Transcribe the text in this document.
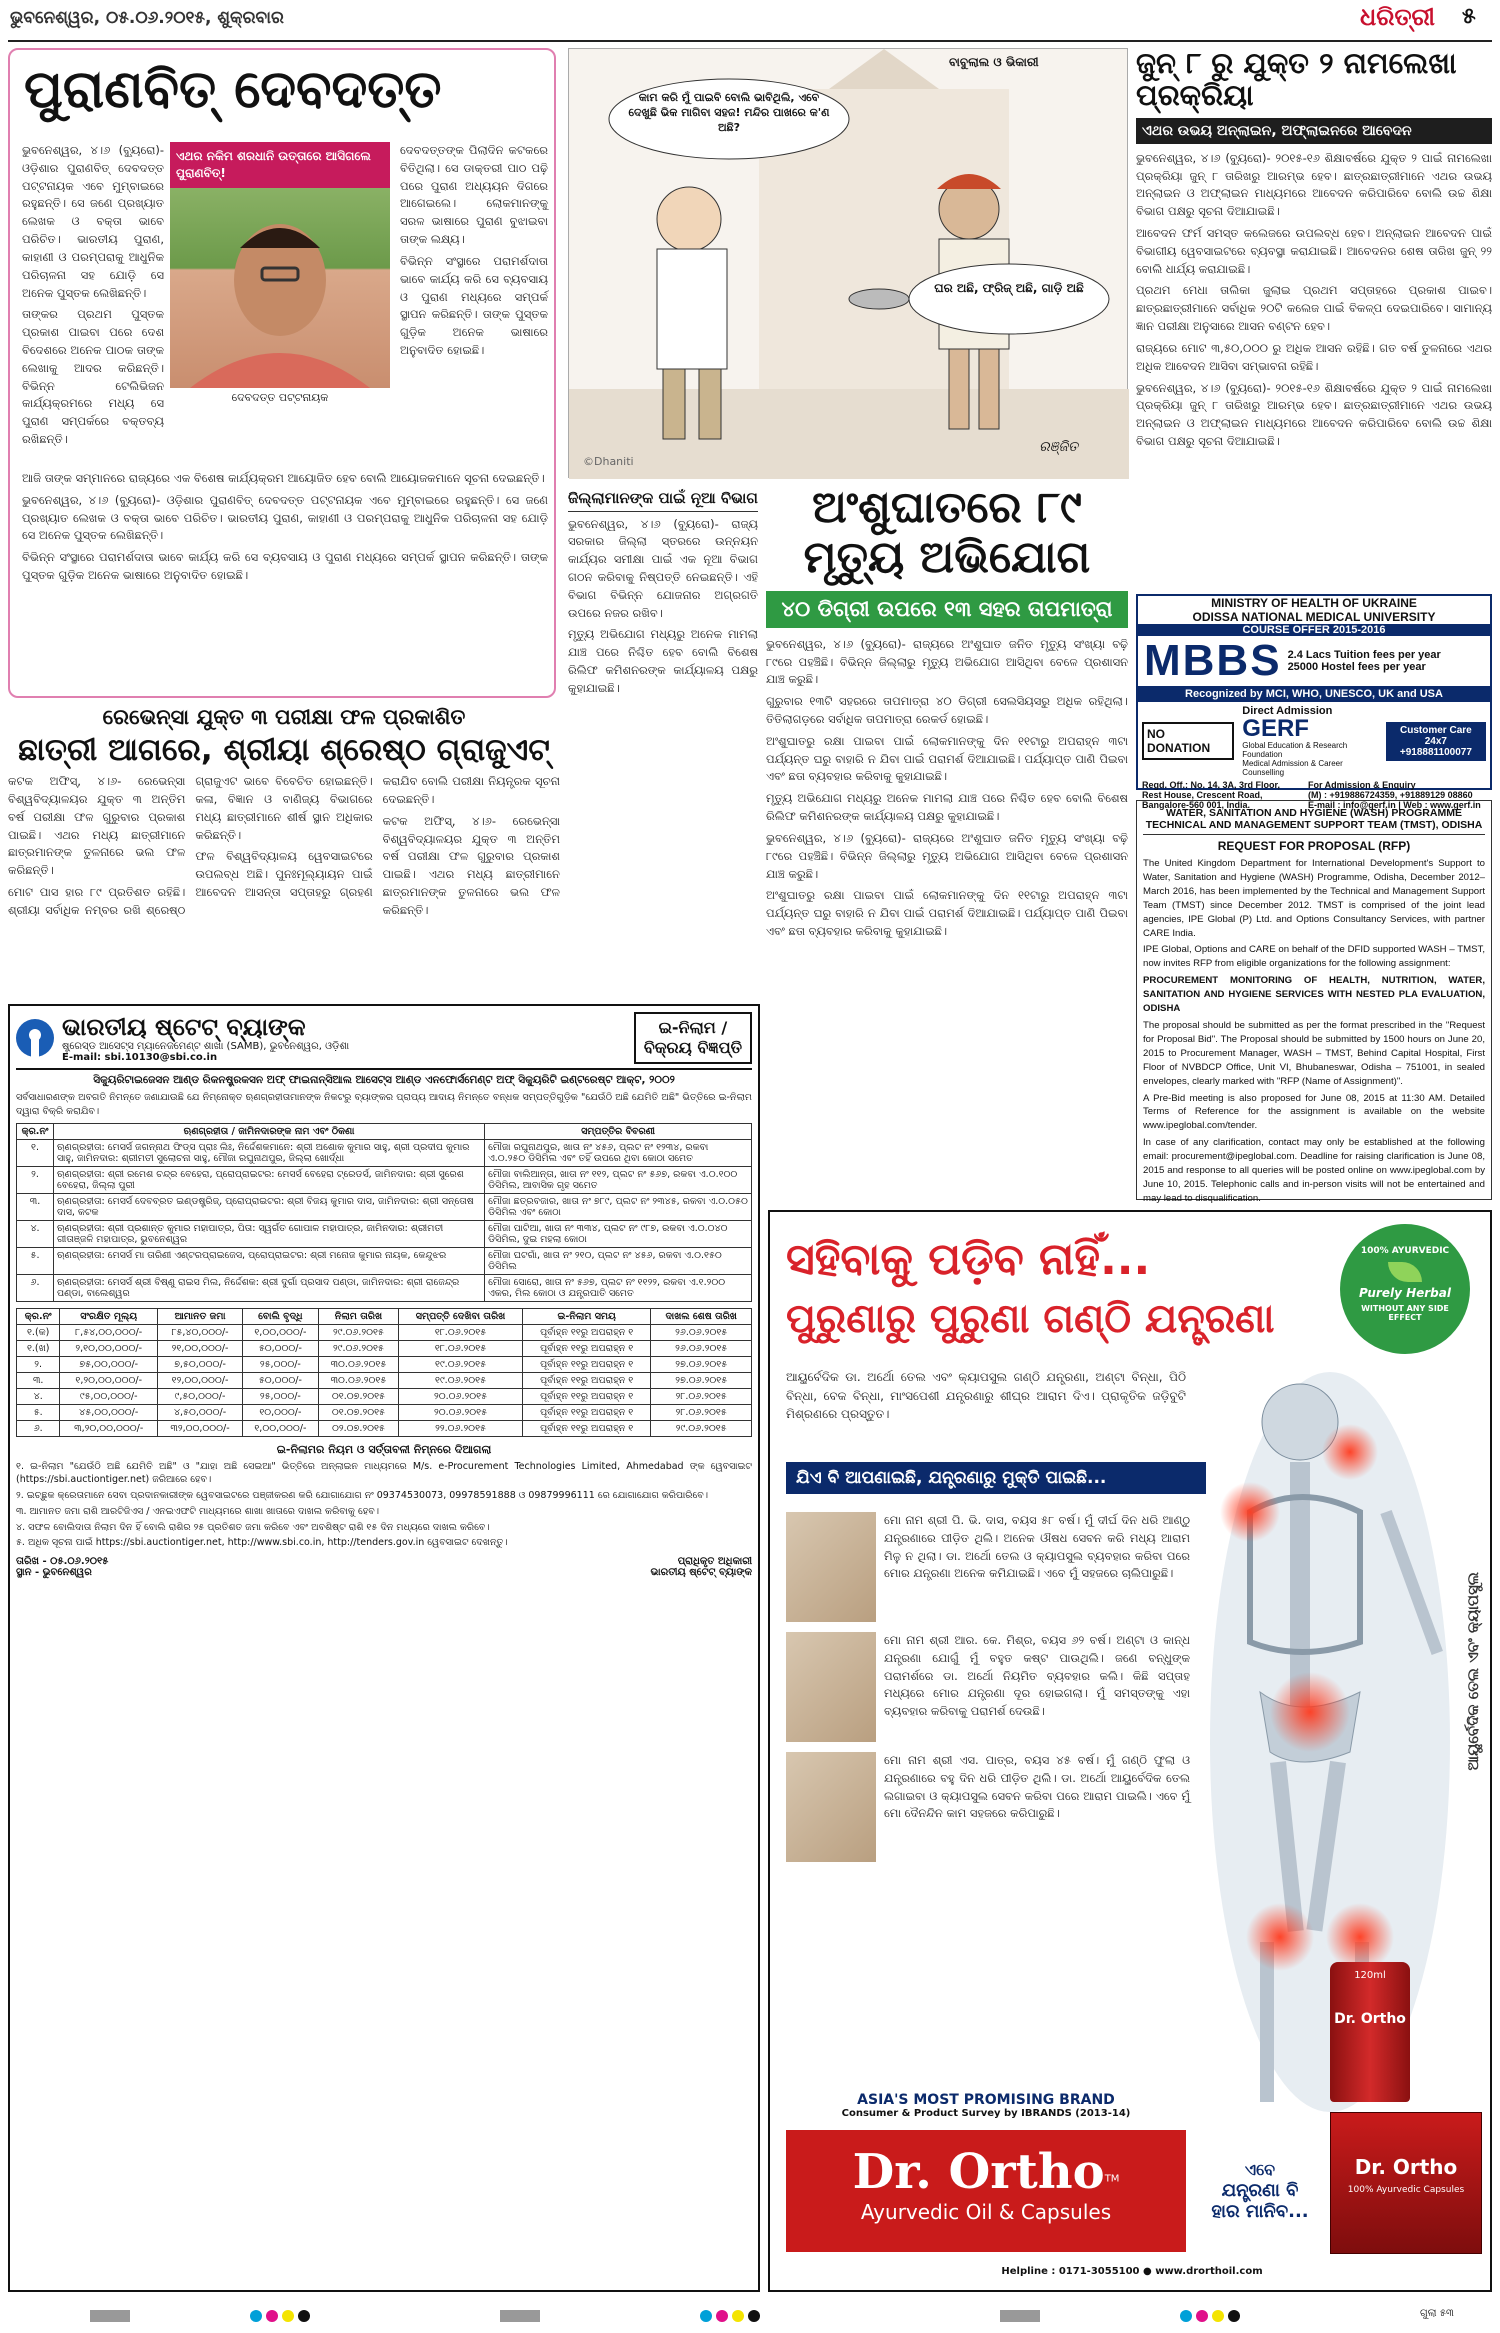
ଭୁବନେଶ୍ୱର, ୦୫.୦୬.୨୦୧୫, ଶୁକ୍ରବାର	ଧରିତ୍ରୀ ୫
ପୁରାଣବିତ୍ ଦେବଦତ୍ତ
ଏଥର ନକିମ ଶରଧାନି ଉତ୍ତାରେ ଆସିଗଲେ ପୁରାଣବିତ୍!
ଦେବଦତ୍ତ ପଟ୍ଟନାୟକ

ଭୁବନେଶ୍ୱର, ୪।୬ (ବ୍ୟୁରୋ)- ଓଡ଼ିଶାର ପୁରାଣବିତ୍ ଦେବଦତ୍ତ ପଟ୍ଟନାୟକ ଏବେ ମୁମ୍ବାଇରେ ରହୁଛନ୍ତି। ସେ ଜଣେ ପ୍ରଖ୍ୟାତ ଲେଖକ ଓ ବକ୍ତା ଭାବେ ପରିଚିତ। ଭାରତୀୟ ପୁରାଣ, କାହାଣୀ ଓ ପରମ୍ପରାକୁ ଆଧୁନିକ ପରିଚାଳନା ସହ ଯୋଡ଼ି ସେ ଅନେକ ପୁସ୍ତକ ଲେଖିଛନ୍ତି।

ତାଙ୍କର ପ୍ରଥମ ପୁସ୍ତକ ପ୍ରକାଶ ପାଇବା ପରେ ଦେଶ ବିଦେଶରେ ଅନେକ ପାଠକ ତାଙ୍କ ଲେଖାକୁ ଆଦର କରିଛନ୍ତି। ବିଭିନ୍ନ ଟେଲିଭିଜନ କାର୍ଯ୍ୟକ୍ରମରେ ମଧ୍ୟ ସେ ପୁରାଣ ସମ୍ପର୍କରେ ବକ୍ତବ୍ୟ ରଖିଛନ୍ତି।

ଦେବଦତ୍ତଙ୍କ ପିଲାଦିନ କଟକରେ ବିତିଥିଲା। ସେ ଡାକ୍ତରୀ ପାଠ ପଢ଼ି ପରେ ପୁରାଣ ଅଧ୍ୟୟନ ଦିଗରେ ଆଗେଇଲେ। ଲୋକମାନଙ୍କୁ ସରଳ ଭାଷାରେ ପୁରାଣ ବୁଝାଇବା ତାଙ୍କ ଲକ୍ଷ୍ୟ।

ବିଭିନ୍ନ ସଂସ୍ଥାରେ ପରାମର୍ଶଦାତା ଭାବେ କାର୍ଯ୍ୟ କରି ସେ ବ୍ୟବସାୟ ଓ ପୁରାଣ ମଧ୍ୟରେ ସମ୍ପର୍କ ସ୍ଥାପନ କରିଛନ୍ତି। ତାଙ୍କ ପୁସ୍ତକ ଗୁଡ଼ିକ ଅନେକ ଭାଷାରେ ଅନୁବାଦିତ ହୋଇଛି।

ଆଜି ତାଙ୍କ ସମ୍ମାନରେ ରାଜ୍ୟରେ ଏକ ବିଶେଷ କାର୍ଯ୍ୟକ୍ରମ ଆୟୋଜିତ ହେବ ବୋଲି ଆୟୋଜକମାନେ ସୂଚନା ଦେଇଛନ୍ତି।

ଭୁବନେଶ୍ୱର, ୪।୬ (ବ୍ୟୁରୋ)- ଓଡ଼ିଶାର ପୁରାଣବିତ୍ ଦେବଦତ୍ତ ପଟ୍ଟନାୟକ ଏବେ ମୁମ୍ବାଇରେ ରହୁଛନ୍ତି। ସେ ଜଣେ ପ୍ରଖ୍ୟାତ ଲେଖକ ଓ ବକ୍ତା ଭାବେ ପରିଚିତ। ଭାରତୀୟ ପୁରାଣ, କାହାଣୀ ଓ ପରମ୍ପରାକୁ ଆଧୁନିକ ପରିଚାଳନା ସହ ଯୋଡ଼ି ସେ ଅନେକ ପୁସ୍ତକ ଲେଖିଛନ୍ତି।

ବିଭିନ୍ନ ସଂସ୍ଥାରେ ପରାମର୍ଶଦାତା ଭାବେ କାର୍ଯ୍ୟ କରି ସେ ବ୍ୟବସାୟ ଓ ପୁରାଣ ମଧ୍ୟରେ ସମ୍ପର୍କ ସ୍ଥାପନ କରିଛନ୍ତି। ତାଙ୍କ ପୁସ୍ତକ ଗୁଡ଼ିକ ଅନେକ ଭାଷାରେ ଅନୁବାଦିତ ହୋଇଛି।

ବାବୁଲାଲ ଓ ଭିକାରୀ
କାମ କରି ମୁଁ ପାଇବି ବୋଲି ଭାବିଥିଲି, ଏବେ ଦେଖୁଛି ଭିକ ମାଗିବା ସହଜ! ମନ୍ଦିର ପାଖରେ କ'ଣ ଅଛି?
ଘର ଅଛି, ଫ୍ରିଜ୍ ଅଛି, ଗାଡ଼ି ଅଛି
©Dhaniti
ରଞ୍ଜିତ
ଜୁନ୍ ୮ ରୁ ଯୁକ୍ତ ୨ ନାମଲେଖା ପ୍ରକ୍ରିୟା
ଏଥର ଉଭୟ ଅନ୍‌ଲାଇନ, ଅଫ୍‌ଲାଇନରେ ଆବେଦନ

ଭୁବନେଶ୍ୱର, ୪।୬ (ବ୍ୟୁରୋ)- ୨୦୧୫-୧୬ ଶିକ୍ଷାବର୍ଷରେ ଯୁକ୍ତ ୨ ପାଇଁ ନାମଲେଖା ପ୍ରକ୍ରିୟା ଜୁନ୍ ୮ ତାରିଖରୁ ଆରମ୍ଭ ହେବ। ଛାତ୍ରଛାତ୍ରୀମାନେ ଏଥର ଉଭୟ ଅନ୍‌ଲାଇନ ଓ ଅଫ୍‌ଲାଇନ ମାଧ୍ୟମରେ ଆବେଦନ କରିପାରିବେ ବୋଲି ଉଚ୍ଚ ଶିକ୍ଷା ବିଭାଗ ପକ୍ଷରୁ ସୂଚନା ଦିଆଯାଇଛି।

ଆବେଦନ ଫର୍ମ ସମସ୍ତ କଲେଜରେ ଉପଲବ୍ଧ ହେବ। ଅନ୍‌ଲାଇନ ଆବେଦନ ପାଇଁ ବିଭାଗୀୟ ୱେବସାଇଟରେ ବ୍ୟବସ୍ଥା କରାଯାଇଛି। ଆବେଦନର ଶେଷ ତାରିଖ ଜୁନ୍ ୨୨ ବୋଲି ଧାର୍ଯ୍ୟ କରାଯାଇଛି।

ପ୍ରଥମ ମେଧା ତାଲିକା ଜୁଲାଇ ପ୍ରଥମ ସପ୍ତାହରେ ପ୍ରକାଶ ପାଇବ। ଛାତ୍ରଛାତ୍ରୀମାନେ ସର୍ବାଧିକ ୨୦ଟି କଲେଜ ପାଇଁ ବିକଳ୍ପ ଦେଇପାରିବେ। ସାମାନ୍ୟ ଜ୍ଞାନ ପରୀକ୍ଷା ଅନୁସାରେ ଆସନ ବଣ୍ଟନ ହେବ।

ରାଜ୍ୟରେ ମୋଟ ୩,୫୦,୦୦୦ ରୁ ଅଧିକ ଆସନ ରହିଛି। ଗତ ବର୍ଷ ତୁଳନାରେ ଏଥର ଅଧିକ ଆବେଦନ ଆସିବା ସମ୍ଭାବନା ରହିଛି।

ଭୁବନେଶ୍ୱର, ୪।୬ (ବ୍ୟୁରୋ)- ୨୦୧୫-୧୬ ଶିକ୍ଷାବର୍ଷରେ ଯୁକ୍ତ ୨ ପାଇଁ ନାମଲେଖା ପ୍ରକ୍ରିୟା ଜୁନ୍ ୮ ତାରିଖରୁ ଆରମ୍ଭ ହେବ। ଛାତ୍ରଛାତ୍ରୀମାନେ ଏଥର ଉଭୟ ଅନ୍‌ଲାଇନ ଓ ଅଫ୍‌ଲାଇନ ମାଧ୍ୟମରେ ଆବେଦନ କରିପାରିବେ ବୋଲି ଉଚ୍ଚ ଶିକ୍ଷା ବିଭାଗ ପକ୍ଷରୁ ସୂଚନା ଦିଆଯାଇଛି।

ଜିଲ୍ଲାମାନଙ୍କ ପାଇଁ ନୂଆ ବିଭାଗ

ଭୁବନେଶ୍ୱର, ୪।୬ (ବ୍ୟୁରୋ)- ରାଜ୍ୟ ସରକାର ଜିଲ୍ଲା ସ୍ତରରେ ଉନ୍ନୟନ କାର୍ଯ୍ୟର ସମୀକ୍ଷା ପାଇଁ ଏକ ନୂଆ ବିଭାଗ ଗଠନ କରିବାକୁ ନିଷ୍ପତ୍ତି ନେଇଛନ୍ତି। ଏହି ବିଭାଗ ବିଭିନ୍ନ ଯୋଜନାର ଅଗ୍ରଗତି ଉପରେ ନଜର ରଖିବ।

ମୃତ୍ୟୁ ଅଭିଯୋଗ ମଧ୍ୟରୁ ଅନେକ ମାମଲା ଯାଞ୍ଚ ପରେ ନିଶ୍ଚିତ ହେବ ବୋଲି ବିଶେଷ ରିଲିଫ କମିଶନରଙ୍କ କାର୍ଯ୍ୟାଳୟ ପକ୍ଷରୁ କୁହାଯାଇଛି।

ଅଂଶୁଘାତରେ ୮୯
ମୃତ୍ୟୁ ଅଭିଯୋଗ
୪୦ ଡିଗ୍ରୀ ଉପରେ ୧୩ ସହର ତାପମାତ୍ରା

ଭୁବନେଶ୍ୱର, ୪।୬ (ବ୍ୟୁରୋ)- ରାଜ୍ୟରେ ଅଂଶୁଘାତ ଜନିତ ମୃତ୍ୟୁ ସଂଖ୍ୟା ବଢ଼ି ୮୯ରେ ପହଞ୍ଚିଛି। ବିଭିନ୍ନ ଜିଲ୍ଲାରୁ ମୃତ୍ୟୁ ଅଭିଯୋଗ ଆସିଥିବା ବେଳେ ପ୍ରଶାସନ ଯାଞ୍ଚ କରୁଛି।

ଗୁରୁବାର ୧୩ଟି ସହରରେ ତାପମାତ୍ରା ୪୦ ଡିଗ୍ରୀ ସେଲସିୟସରୁ ଅଧିକ ରହିଥିଲା। ତିତିଲାଗଡ଼ରେ ସର୍ବାଧିକ ତାପମାତ୍ରା ରେକର୍ଡ ହୋଇଛି।

ଅଂଶୁଘାତରୁ ରକ୍ଷା ପାଇବା ପାଇଁ ଲୋକମାନଙ୍କୁ ଦିନ ୧୧ଟାରୁ ଅପରାହ୍ନ ୩ଟା ପର୍ଯ୍ୟନ୍ତ ଘରୁ ବାହାରି ନ ଯିବା ପାଇଁ ପରାମର୍ଶ ଦିଆଯାଇଛି। ପର୍ଯ୍ୟାପ୍ତ ପାଣି ପିଇବା ଏବଂ ଛତା ବ୍ୟବହାର କରିବାକୁ କୁହାଯାଇଛି।

ମୃତ୍ୟୁ ଅଭିଯୋଗ ମଧ୍ୟରୁ ଅନେକ ମାମଲା ଯାଞ୍ଚ ପରେ ନିଶ୍ଚିତ ହେବ ବୋଲି ବିଶେଷ ରିଲିଫ କମିଶନରଙ୍କ କାର୍ଯ୍ୟାଳୟ ପକ୍ଷରୁ କୁହାଯାଇଛି।

ଭୁବନେଶ୍ୱର, ୪।୬ (ବ୍ୟୁରୋ)- ରାଜ୍ୟରେ ଅଂଶୁଘାତ ଜନିତ ମୃତ୍ୟୁ ସଂଖ୍ୟା ବଢ଼ି ୮୯ରେ ପହଞ୍ଚିଛି। ବିଭିନ୍ନ ଜିଲ୍ଲାରୁ ମୃତ୍ୟୁ ଅଭିଯୋଗ ଆସିଥିବା ବେଳେ ପ୍ରଶାସନ ଯାଞ୍ଚ କରୁଛି।

ଅଂଶୁଘାତରୁ ରକ୍ଷା ପାଇବା ପାଇଁ ଲୋକମାନଙ୍କୁ ଦିନ ୧୧ଟାରୁ ଅପରାହ୍ନ ୩ଟା ପର୍ଯ୍ୟନ୍ତ ଘରୁ ବାହାରି ନ ଯିବା ପାଇଁ ପରାମର୍ଶ ଦିଆଯାଇଛି। ପର୍ଯ୍ୟାପ୍ତ ପାଣି ପିଇବା ଏବଂ ଛତା ବ୍ୟବହାର କରିବାକୁ କୁହାଯାଇଛି।

ରେଭେନ୍ସା ଯୁକ୍ତ ୩ ପରୀକ୍ଷା ଫଳ ପ୍ରକାଶିତ
ଛାତ୍ରୀ ଆଗରେ, ଶ୍ରୀୟା ଶ୍ରେଷ୍ଠ ଗ୍ରାଜୁଏଟ୍

କଟକ ଅଫିସ୍, ୪।୬- ରେଭେନ୍ସା ବିଶ୍ୱବିଦ୍ୟାଳୟର ଯୁକ୍ତ ୩ ଅନ୍ତିମ ବର୍ଷ ପରୀକ୍ଷା ଫଳ ଗୁରୁବାର ପ୍ରକାଶ ପାଇଛି। ଏଥର ମଧ୍ୟ ଛାତ୍ରୀମାନେ ଛାତ୍ରମାନଙ୍କ ତୁଳନାରେ ଭଲ ଫଳ କରିଛନ୍ତି।

ମୋଟ ପାସ ହାର ୮୯ ପ୍ରତିଶତ ରହିଛି। ଶ୍ରୀୟା ସର୍ବାଧିକ ନମ୍ବର ରଖି ଶ୍ରେଷ୍ଠ ଗ୍ରାଜୁଏଟ ଭାବେ ବିବେଚିତ ହୋଇଛନ୍ତି। କଳା, ବିଜ୍ଞାନ ଓ ବାଣିଜ୍ୟ ବିଭାଗରେ ମଧ୍ୟ ଛାତ୍ରୀମାନେ ଶୀର୍ଷ ସ୍ଥାନ ଅଧିକାର କରିଛନ୍ତି।

ଫଳ ବିଶ୍ୱବିଦ୍ୟାଳୟ ୱେବସାଇଟରେ ଉପଲବ୍ଧ ଅଛି। ପୁନଃମୂଲ୍ୟାୟନ ପାଇଁ ଆବେଦନ ଆସନ୍ତା ସପ୍ତାହରୁ ଗ୍ରହଣ କରାଯିବ ବୋଲି ପରୀକ୍ଷା ନିୟନ୍ତ୍ରକ ସୂଚନା ଦେଇଛନ୍ତି।

କଟକ ଅଫିସ୍, ୪।୬- ରେଭେନ୍ସା ବିଶ୍ୱବିଦ୍ୟାଳୟର ଯୁକ୍ତ ୩ ଅନ୍ତିମ ବର୍ଷ ପରୀକ୍ଷା ଫଳ ଗୁରୁବାର ପ୍ରକାଶ ପାଇଛି। ଏଥର ମଧ୍ୟ ଛାତ୍ରୀମାନେ ଛାତ୍ରମାନଙ୍କ ତୁଳନାରେ ଭଲ ଫଳ କରିଛନ୍ତି।

MINISTRY OF HEALTH OF UKRAINE
ODISSA NATIONAL MEDICAL UNIVERSITY
COURSE OFFER 2015-2016
MBBS 2.4 Lacs Tuition fees per year
25000 Hostel fees per year
Recognized by MCI, WHO, UNESCO, UK and USA
NO DONATION
Direct Admission
GERF
Global Education & Research Foundation
Medical Admission & Career Counselling
Customer Care 24x7
+918881100077
Regd. Off.: No. 14, 3A, 3rd Floor, Rest House, Crescent Road, Bangalore-560 001, India.
For Admission & Enquiry
(M) : +919886724359, +91889129 08860
E-mail : info@gerf.in | Web : www.gerf.in
WATER, SANITATION AND HYGIENE (WASH) PROGRAMME
TECHNICAL AND MANAGEMENT SUPPORT TEAM (TMST), ODISHA
REQUEST FOR PROPOSAL (RFP)

The United Kingdom Department for International Development's Support to Water, Sanitation and Hygiene (WASH) Programme, Odisha, December 2012–March 2016, has been implemented by the Technical and Management Support Team (TMST) since December 2012. TMST is comprised of the joint lead agencies, IPE Global (P) Ltd. and Options Consultancy Services, with partner CARE India.

IPE Global, Options and CARE on behalf of the DFID supported WASH – TMST, now invites RFP from eligible organizations for the following assignment:

PROCUREMENT MONITORING OF HEALTH, NUTRITION, WATER, SANITATION AND HYGIENE SERVICES WITH NESTED PLA EVALUATION, ODISHA

The proposal should be submitted as per the format prescribed in the "Request for Proposal Bid". The Proposal should be submitted by 1500 hours on June 20, 2015 to Procurement Manager, WASH – TMST, Behind Capital Hospital, First Floor of NVBDCP Office, Unit VI, Bhubaneswar, Odisha – 751001, in sealed envelopes, clearly marked with "RFP (Name of Assignment)".

A Pre-Bid meeting is also proposed for June 08, 2015 at 11:30 AM. Detailed Terms of Reference for the assignment is available on the website www.ipeglobal.com/tender.

In case of any clarification, contact may only be established at the following email: procurement@ipeglobal.com. Deadline for raising clarification is June 08, 2015 and response to all queries will be posted online on www.ipeglobal.com by June 10, 2015. Telephonic calls and in-person visits will not be entertained and may lead to disqualification.

ଭାରତୀୟ ଷ୍ଟେଟ୍ ବ୍ୟାଙ୍କ
ଷ୍ଟ୍ରେସ୍‌ଡ ଆସେଟ୍ସ ମ୍ୟାନେଜମେଣ୍ଟ ଶାଖା (SAMB), ଭୁବନେଶ୍ୱର, ଓଡ଼ିଶା
E-mail: sbi.10130@sbi.co.in
ଇ-ନିଲାମ /
ବିକ୍ରୟ ବିଜ୍ଞପ୍ତି
ସିକ୍ୟୁରିଟାଇଜେସନ ଆଣ୍ଡ ରିକନଷ୍ଟ୍ରକସନ ଅଫ୍ ଫାଇନାନ୍ସିଆଲ ଆସେଟ୍ସ ଆଣ୍ଡ ଏନଫୋର୍ସମେଣ୍ଟ ଅଫ୍ ସିକ୍ୟୁରିଟି ଇଣ୍ଟରେଷ୍ଟ ଆକ୍ଟ, ୨୦୦୨
ସର୍ବସାଧାରଣଙ୍କ ଅବଗତି ନିମନ୍ତେ ଜଣାଯାଉଛି ଯେ ନିମ୍ନୋକ୍ତ ଋଣଗ୍ରହୀତାମାନଙ୍କ ନିକଟରୁ ବ୍ୟାଙ୍କର ପ୍ରାପ୍ୟ ଆଦାୟ ନିମନ୍ତେ ବନ୍ଧକ ସମ୍ପତ୍ତିଗୁଡ଼ିକ "ଯେଉଁଠି ଅଛି ଯେମିତି ଅଛି" ଭିତ୍ତିରେ ଇ-ନିଲାମ ଦ୍ୱାରା ବିକ୍ରି କରାଯିବ।
କ୍ର.ନଂ	ଋଣଗ୍ରହୀତା / ଜାମିନଦାରଙ୍କ ନାମ ଏବଂ ଠିକଣା	ସମ୍ପତ୍ତିର ବିବରଣୀ
୧.	ଋଣଗ୍ରହୀତା: ମେସର୍ସ ଜଗନ୍ନାଥ ଫିଡ୍ସ ପ୍ରାଃ ଲିଃ, ନିର୍ଦ୍ଦେଶକମାନେ: ଶ୍ରୀ ଅଶୋକ କୁମାର ସାହୁ, ଶ୍ରୀ ପ୍ରଦୀପ କୁମାର ସାହୁ, ଜାମିନଦାର: ଶ୍ରୀମତୀ ସୁଲୋଚନା ସାହୁ, ମୌଜା ରଘୁନାଥପୁର, ଜିଲ୍ଲା ଖୋର୍ଦ୍ଧା	ମୌଜା ରଘୁନାଥପୁର, ଖାତା ନଂ ୪୫୬, ପ୍ଲଟ ନଂ ୧୨୩୪, ରକବା ଏ.୦.୨୫୦ ଡିସିମିଲ ଏବଂ ତହିଁ ଉପରେ ଥିବା କୋଠା ସମେତ
୨.	ଋଣଗ୍ରହୀତା: ଶ୍ରୀ ରମେଶ ଚନ୍ଦ୍ର ବେହେରା, ପ୍ରୋପ୍ରାଇଟର: ମେସର୍ସ ବେହେରା ଟ୍ରେଡର୍ସ, ଜାମିନଦାର: ଶ୍ରୀ ସୁରେଶ ବେହେରା, ଜିଲ୍ଲା ପୁରୀ	ମୌଜା ବାଲିଆନ୍ତା, ଖାତା ନଂ ୧୧୨, ପ୍ଲଟ ନଂ ୫୬୭, ରକବା ଏ.୦.୧୦୦ ଡିସିମିଲ, ଆବାସିକ ଗୃହ ସମେତ
୩.	ଋଣଗ୍ରହୀତା: ମେସର୍ସ ଦେବବ୍ରତ ଇଣ୍ଡଷ୍ଟ୍ରିଜ୍, ପ୍ରୋପ୍ରାଇଟର: ଶ୍ରୀ ବିଜୟ କୁମାର ଦାସ, ଜାମିନଦାର: ଶ୍ରୀ ସନ୍ତୋଷ ଦାସ, କଟକ	ମୌଜା ଛତ୍ରବଜାର, ଖାତା ନଂ ୭୮୯, ପ୍ଲଟ ନଂ ୨୩୪୫, ରକବା ଏ.୦.୦୫୦ ଡିସିମିଲ ଏବଂ କୋଠା
୪.	ଋଣଗ୍ରହୀତା: ଶ୍ରୀ ପ୍ରଶାନ୍ତ କୁମାର ମହାପାତ୍ର, ପିତା: ସ୍ୱର୍ଗତ ଗୋପାଳ ମହାପାତ୍ର, ଜାମିନଦାର: ଶ୍ରୀମତୀ ଗୀତାଞ୍ଜଳି ମହାପାତ୍ର, ଭୁବନେଶ୍ୱର	ମୌଜା ପାଟିଆ, ଖାତା ନଂ ୩୩୪, ପ୍ଲଟ ନଂ ୯୮୭, ରକବା ଏ.୦.୦୪୦ ଡିସିମିଲ, ଦୁଇ ମହଲା କୋଠା
୫.	ଋଣଗ୍ରହୀତା: ମେସର୍ସ ମା ତାରିଣୀ ଏଣ୍ଟରପ୍ରାଇଜେସ, ପ୍ରୋପ୍ରାଇଟର: ଶ୍ରୀ ମନୋଜ କୁମାର ନାୟକ, କେନ୍ଦୁଝର	ମୌଜା ଘଟଗାଁ, ଖାତା ନଂ ୨୧୦, ପ୍ଲଟ ନଂ ୪୫୬, ରକବା ଏ.୦.୧୫୦ ଡିସିମିଲ
୬.	ଋଣଗ୍ରହୀତା: ମେସର୍ସ ଶ୍ରୀ ବିଷ୍ଣୁ ରାଇସ ମିଲ, ନିର୍ଦ୍ଦେଶକ: ଶ୍ରୀ ଦୁର୍ଗା ପ୍ରସାଦ ପଣ୍ଡା, ଜାମିନଦାର: ଶ୍ରୀ ରାଜେନ୍ଦ୍ର ପଣ୍ଡା, ବାଲେଶ୍ୱର	ମୌଜା ସୋରୋ, ଖାତା ନଂ ୫୬୭, ପ୍ଲଟ ନଂ ୧୧୨୨, ରକବା ଏ.୧.୨୦୦ ଏକର, ମିଲ କୋଠା ଓ ଯନ୍ତ୍ରପାତି ସମେତ
କ୍ର.ନଂ	ସଂରକ୍ଷିତ ମୂଲ୍ୟ	ଆମାନତ ଜମା	ବୋଲି ବୃଦ୍ଧି	ନିଲାମ ତାରିଖ	ସମ୍ପତ୍ତି ଦେଖିବା ତାରିଖ	ଇ-ନିଲାମ ସମୟ	ଦାଖଲ ଶେଷ ତାରିଖ
୧.(କ)	୮,୫୪,୦୦,୦୦୦/-	୮୫,୪୦,୦୦୦/-	୧,୦୦,୦୦୦/-	୨୯.୦୬.୨୦୧୫	୧୮.୦୬.୨୦୧୫	ପୂର୍ବାହ୍ନ ୧୧ରୁ ଅପରାହ୍ନ ୧	୨୬.୦୬.୨୦୧୫
୧.(ଖ)	୨,୧୦,୦୦,୦୦୦/-	୨୧,୦୦,୦୦୦/-	୫୦,୦୦୦/-	୨୯.୦୬.୨୦୧୫	୧୮.୦୬.୨୦୧୫	ପୂର୍ବାହ୍ନ ୧୧ରୁ ଅପରାହ୍ନ ୧	୨୬.୦୬.୨୦୧୫
୨.	୭୫,୦୦,୦୦୦/-	୭,୫୦,୦୦୦/-	୨୫,୦୦୦/-	୩୦.୦୬.୨୦୧୫	୧୯.୦୬.୨୦୧୫	ପୂର୍ବାହ୍ନ ୧୧ରୁ ଅପରାହ୍ନ ୧	୨୭.୦୬.୨୦୧୫
୩.	୧,୨୦,୦୦,୦୦୦/-	୧୨,୦୦,୦୦୦/-	୫୦,୦୦୦/-	୩୦.୦୬.୨୦୧୫	୧୯.୦୬.୨୦୧୫	ପୂର୍ବାହ୍ନ ୧୧ରୁ ଅପରାହ୍ନ ୧	୨୭.୦୬.୨୦୧୫
୪.	୯୫,୦୦,୦୦୦/-	୯,୫୦,୦୦୦/-	୨୫,୦୦୦/-	୦୧.୦୭.୨୦୧୫	୨୦.୦୬.୨୦୧୫	ପୂର୍ବାହ୍ନ ୧୧ରୁ ଅପରାହ୍ନ ୧	୨୮.୦୬.୨୦୧୫
୫.	୪୫,୦୦,୦୦୦/-	୪,୫୦,୦୦୦/-	୧୦,୦୦୦/-	୦୧.୦୭.୨୦୧୫	୨୦.୦୬.୨୦୧୫	ପୂର୍ବାହ୍ନ ୧୧ରୁ ଅପରାହ୍ନ ୧	୨୮.୦୬.୨୦୧୫
୬.	୩,୨୦,୦୦,୦୦୦/-	୩୨,୦୦,୦୦୦/-	୧,୦୦,୦୦୦/-	୦୨.୦୭.୨୦୧୫	୨୨.୦୬.୨୦୧୫	ପୂର୍ବାହ୍ନ ୧୧ରୁ ଅପରାହ୍ନ ୧	୨୯.୦୬.୨୦୧୫
ଇ-ନିଲାମର ନିୟମ ଓ ସର୍ତ୍ତାବଳୀ ନିମ୍ନରେ ଦିଆଗଲା

୧. ଇ-ନିଲାମ "ଯେଉଁଠି ଅଛି ଯେମିତି ଅଛି" ଓ "ଯାହା ଅଛି ସେଇଆ" ଭିତ୍ତିରେ ଅନ୍‌ଲାଇନ ମାଧ୍ୟମରେ M/s. e-Procurement Technologies Limited, Ahmedabad ଙ୍କ ୱେବସାଇଟ (https://sbi.auctiontiger.net) ଜରିଆରେ ହେବ।

୨. ଇଚ୍ଛୁକ କ୍ରେତାମାନେ ସେବା ପ୍ରଦାନକାରୀଙ୍କ ୱେବସାଇଟରେ ପଞ୍ଜୀକରଣ କରି ଯୋଗାଯୋଗ ନଂ 09374530073, 09978591888 ଓ 09879996111 ରେ ଯୋଗାଯୋଗ କରିପାରିବେ।

୩. ଆମାନତ ଜମା ରାଶି ଆରଟିଜିଏସ / ଏନଇଏଫଟି ମାଧ୍ୟମରେ ଶାଖା ଖାତାରେ ଦାଖଲ କରିବାକୁ ହେବ।

୪. ସଫଳ ବୋଲିଦାତା ନିଲାମ ଦିନ ହିଁ ବୋଲି ରାଶିର ୨୫ ପ୍ରତିଶତ ଜମା କରିବେ ଏବଂ ଅବଶିଷ୍ଟ ରାଶି ୧୫ ଦିନ ମଧ୍ୟରେ ଦାଖଲ କରିବେ।

୫. ଅଧିକ ସୂଚନା ପାଇଁ https://sbi.auctiontiger.net, http://www.sbi.co.in, http://tenders.gov.in ୱେବସାଇଟ ଦେଖନ୍ତୁ।

ତାରିଖ - ୦୫.୦୬.୨୦୧୫
ସ୍ଥାନ - ଭୁବନେଶ୍ୱର
ପ୍ରାଧିକୃତ ଅଧିକାରୀ
ଭାରତୀୟ ଷ୍ଟେଟ୍ ବ୍ୟାଙ୍କ
ସହିବାକୁ ପଡ଼ିବ ନାହିଁ...
ପୁରୁଣାରୁ ପୁରୁଣା ଗଣ୍ଠି ଯନ୍ତ୍ରଣା
100% AYURVEDIC
Purely Herbal
WITHOUT ANY SIDE EFFECT
ଆୟୁର୍ବେଦିକ ଡା. ଅର୍ଥୋ ତେଲ ଏବଂ କ୍ୟାପସୁଲ ଗଣ୍ଠି ଯନ୍ତ୍ରଣା, ଅଣ୍ଟା ବିନ୍ଧା, ପିଠି ବିନ୍ଧା, ବେକ ବିନ୍ଧା, ମାଂସପେଶୀ ଯନ୍ତ୍ରଣାରୁ ଶୀଘ୍ର ଆରାମ ଦିଏ। ପ୍ରାକୃତିକ ଜଡ଼ିବୁଟି ମିଶ୍ରଣରେ ପ୍ରସ୍ତୁତ।
ଯିଏ ବି ଆପଣାଇଛି, ଯନ୍ତ୍ରଣାରୁ ମୁକ୍ତି ପାଇଛି...
ମୋ ନାମ ଶ୍ରୀ ପି. ଭି. ଦାସ, ବୟସ ୫୮ ବର୍ଷ। ମୁଁ ଦୀର୍ଘ ଦିନ ଧରି ଆଣ୍ଠୁ ଯନ୍ତ୍ରଣାରେ ପୀଡ଼ିତ ଥିଲି। ଅନେକ ଔଷଧ ସେବନ କରି ମଧ୍ୟ ଆରାମ ମିଳୁ ନ ଥିଲା। ଡା. ଅର୍ଥୋ ତେଲ ଓ କ୍ୟାପସୁଲ ବ୍ୟବହାର କରିବା ପରେ ମୋର ଯନ୍ତ୍ରଣା ଅନେକ କମିଯାଇଛି। ଏବେ ମୁଁ ସହଜରେ ଚାଲିପାରୁଛି।
ମୋ ନାମ ଶ୍ରୀ ଆର. କେ. ମିଶ୍ର, ବୟସ ୬୨ ବର୍ଷ। ଅଣ୍ଟା ଓ କାନ୍ଧ ଯନ୍ତ୍ରଣା ଯୋଗୁଁ ମୁଁ ବହୁତ କଷ୍ଟ ପାଉଥିଲି। ଜଣେ ବନ୍ଧୁଙ୍କ ପରାମର୍ଶରେ ଡା. ଅର୍ଥୋ ନିୟମିତ ବ୍ୟବହାର କଲି। କିଛି ସପ୍ତାହ ମଧ୍ୟରେ ମୋର ଯନ୍ତ୍ରଣା ଦୂର ହୋଇଗଲା। ମୁଁ ସମସ୍ତଙ୍କୁ ଏହା ବ୍ୟବହାର କରିବାକୁ ପରାମର୍ଶ ଦେଉଛି।
ମୋ ନାମ ଶ୍ରୀ ଏସ. ପାତ୍ର, ବୟସ ୪୫ ବର୍ଷ। ମୁଁ ଗଣ୍ଠି ଫୁଲା ଓ ଯନ୍ତ୍ରଣାରେ ବହୁ ଦିନ ଧରି ପୀଡ଼ିତ ଥିଲି। ଡା. ଅର୍ଥୋ ଆୟୁର୍ବେଦିକ ତେଲ ଲଗାଇବା ଓ କ୍ୟାପସୁଲ ସେବନ କରିବା ପରେ ଆରାମ ପାଇଲି। ଏବେ ମୁଁ ମୋ ଦୈନନ୍ଦିନ କାମ ସହଜରେ କରିପାରୁଛି।
ଆୟୁର୍ବେଦିକ ତେଲ ଏବଂ କ୍ୟାପସୁଲ
120ml
Dr. Ortho
Dr. Ortho
100% Ayurvedic Capsules
ASIA'S MOST PROMISING BRAND
Consumer & Product Survey by IBRANDS (2013-14)
Dr. Ortho™
Ayurvedic Oil & Capsules
ଏବେ
ଯନ୍ତ୍ରଣା ବି
ହାର ମାନିବ...
Helpline : 0171-3055100 ● www.drorthoil.com
ଗୁଲା ୫୩
